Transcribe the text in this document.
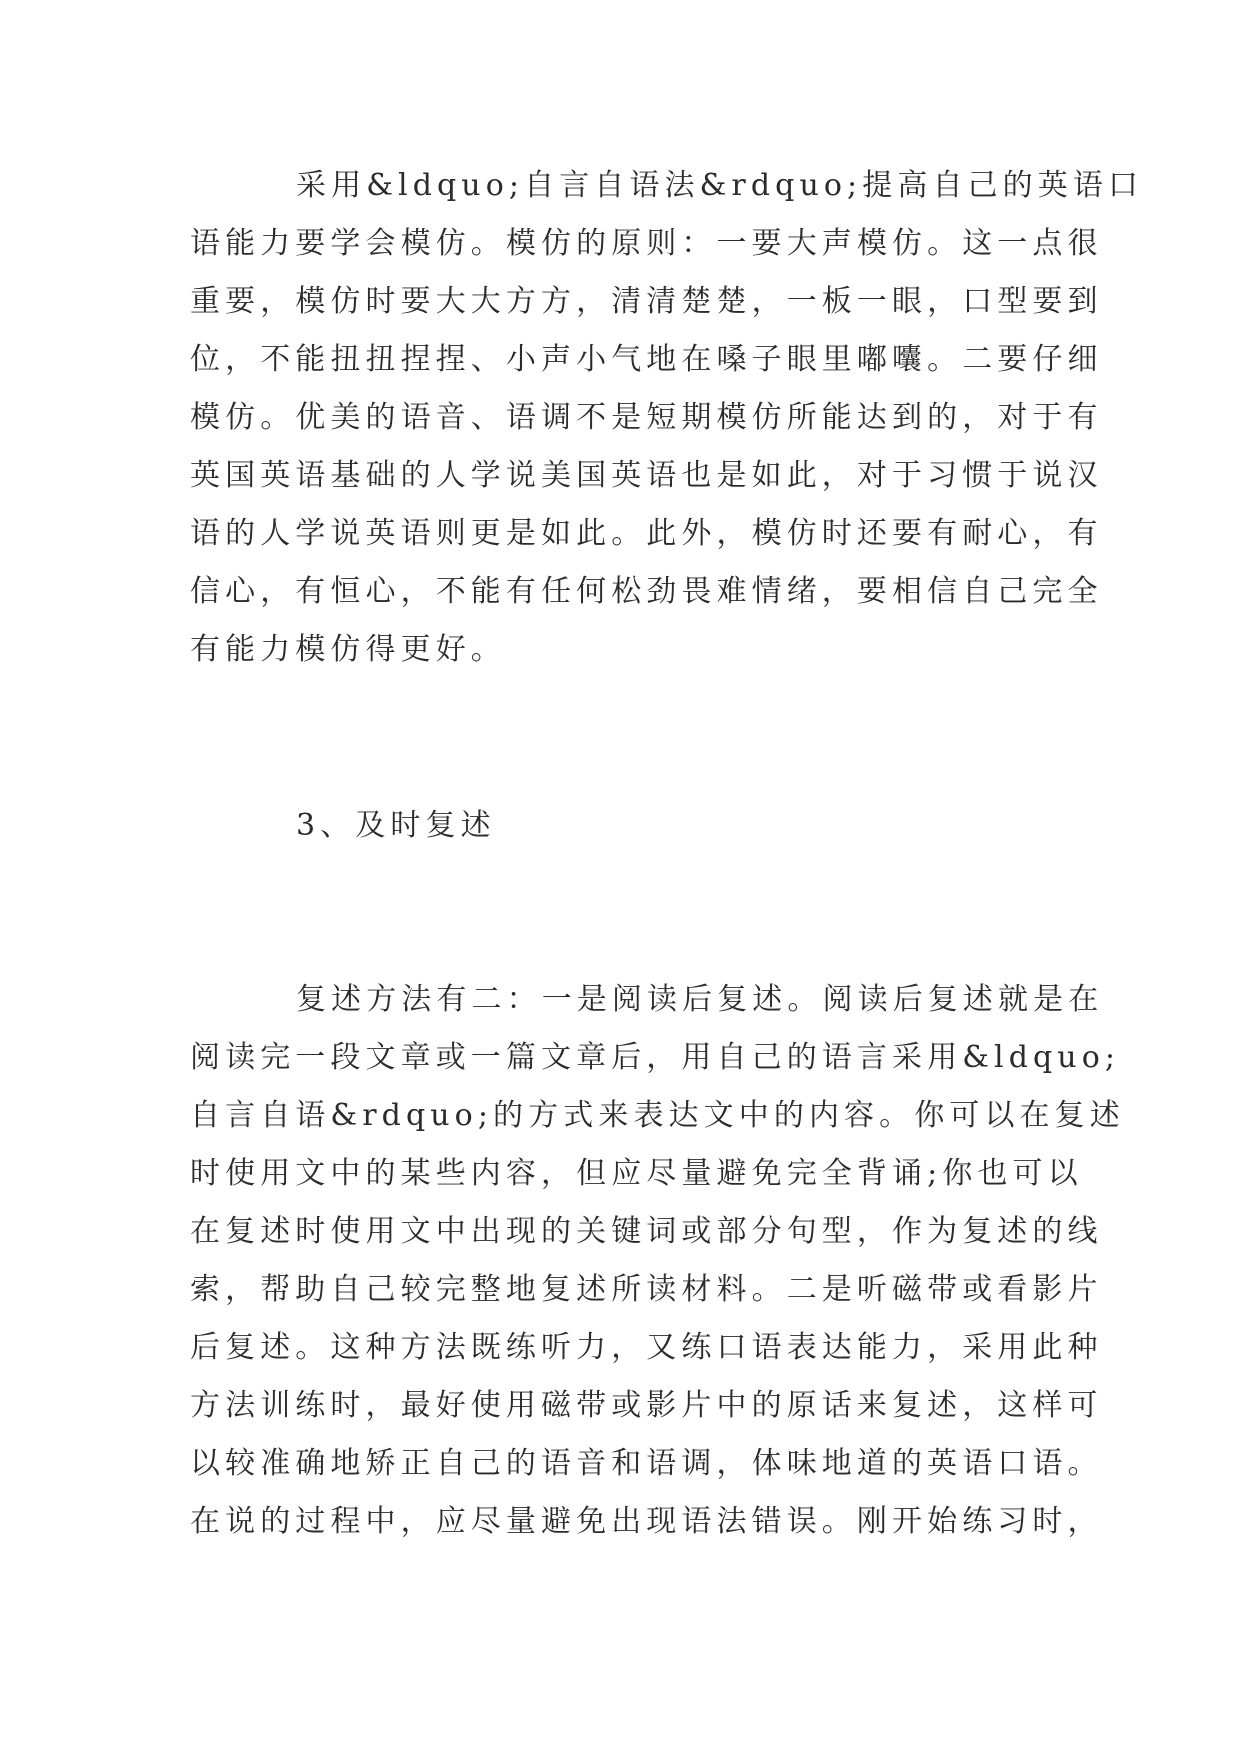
采用&ldquo;自言自语法&rdquo;提高自己的英语口
语能力要学会模仿。模仿的原则：一要大声模仿。这一点很
重要，模仿时要大大方方，清清楚楚，一板一眼，口型要到
位，不能扭扭捏捏、小声小气地在嗓子眼里嘟囔。二要仔细
模仿。优美的语音、语调不是短期模仿所能达到的，对于有
英国英语基础的人学说美国英语也是如此，对于习惯于说汉
语的人学说英语则更是如此。此外，模仿时还要有耐心，有
信心，有恒心，不能有任何松劲畏难情绪，要相信自己完全
有能力模仿得更好。
3、及时复述
复述方法有二：一是阅读后复述。阅读后复述就是在
阅读完一段文章或一篇文章后，用自己的语言采用&ldquo;
自言自语&rdquo;的方式来表达文中的内容。你可以在复述
时使用文中的某些内容，但应尽量避免完全背诵;你也可以
在复述时使用文中出现的关键词或部分句型，作为复述的线
索，帮助自己较完整地复述所读材料。二是听磁带或看影片
后复述。这种方法既练听力，又练口语表达能力，采用此种
方法训练时，最好使用磁带或影片中的原话来复述，这样可
以较准确地矫正自己的语音和语调，体味地道的英语口语。
在说的过程中，应尽量避免出现语法错误。刚开始练习时，
